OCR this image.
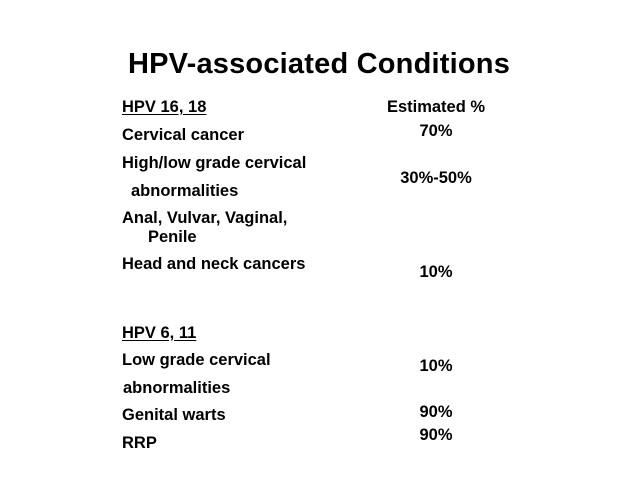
HPV-associated Conditions
HPV 16, 18
Cervical cancer
High/low grade cervical
abnormalities
Anal, Vulvar, Vaginal,
Penile
Head and neck cancers
HPV 6, 11
Low grade cervical
abnormalities
Genital warts
RRP
Estimated %
70%
30%-50%
10%
10%
90%
90%
